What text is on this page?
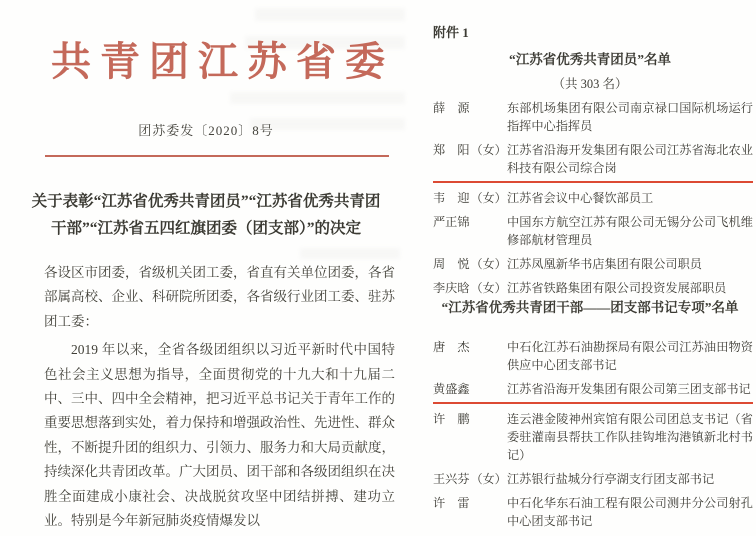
共青团江苏省委
团苏委发〔2020〕8号
关于表彰“江苏省优秀共青团员”“江苏省优秀共青团干部”“江苏省五四红旗团委（团支部）”的决定

各设区市团委，省级机关团工委，省直有关单位团委，各省部属高校、企业、科研院所团委，各省级行业团工委、驻苏团工委：

2019 年以来，全省各级团组织以习近平新时代中国特色社会主义思想为指导，全面贯彻党的十九大和十九届二中、三中、四中全会精神，把习近平总书记关于青年工作的重要思想落到实处，着力保持和增强政治性、先进性、群众性，不断提升团的组织力、引领力、服务力和大局贡献度，持续深化共青团改革。广大团员、团干部和各级团组织在决胜全面建成小康社会、决战脱贫攻坚中团结拼搏、建功立业。特别是今年新冠肺炎疫情爆发以

附件 1
“江苏省优秀共青团员”名单
（共 303 名）
薛　源	东部机场集团有限公司南京禄口国际机场运行指挥中心指挥员
郑　阳 （女） 江苏省沿海开发集团有限公司江苏省海北农业科技有限公司综合岗
韦　迎 （女） 江苏省会议中心餐饮部员工
严正锦	中国东方航空江苏有限公司无锡分公司飞机维修部航材管理员
周　悦 （女） 江苏凤凰新华书店集团有限公司职员
李庆晗 （女） 江苏省铁路集团有限公司投资发展部职员
“江苏省优秀共青团干部——团支部书记专项”名单
唐　杰	中石化江苏石油勘探局有限公司江苏油田物资供应中心团支部书记
黄盛鑫	江苏省沿海开发集团有限公司第三团支部书记
许　鹏	连云港金陵神州宾馆有限公司团总支书记（省委驻灌南县帮扶工作队挂钩堆沟港镇新北村书记）
王兴芬 （女） 江苏银行盐城分行亭湖支行团支部书记
许　雷	中石化华东石油工程有限公司测井分公司射孔中心团支部书记
